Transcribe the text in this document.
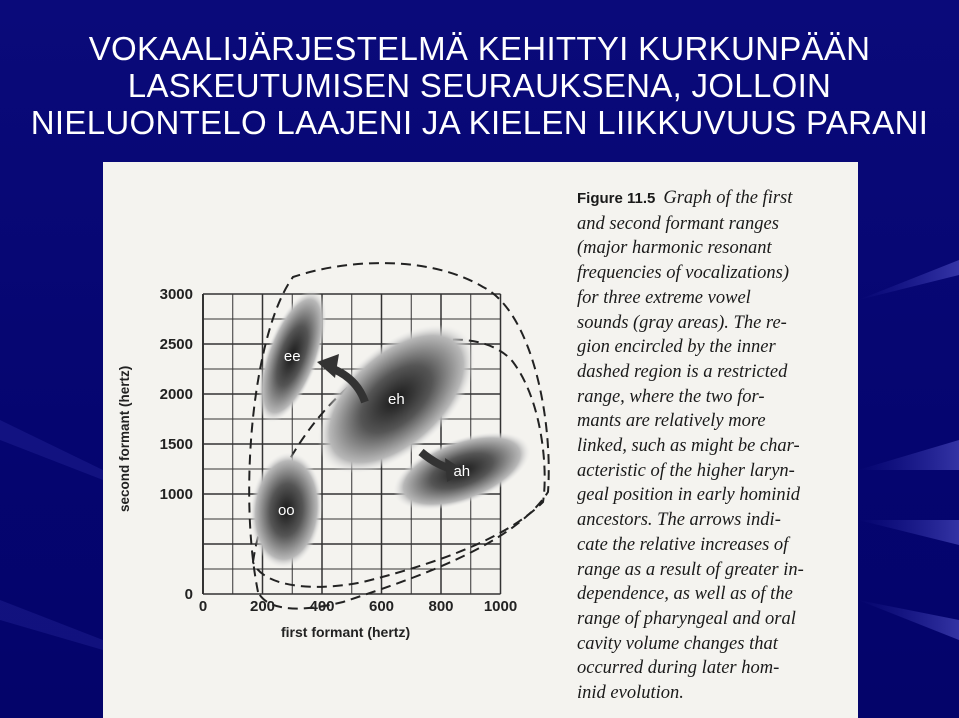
VOKAALIJÄRJESTELMÄ KEHITTYI KURKUNPÄÄN
LASKEUTUMISEN SEURAUKSENA, JOLLOIN
NIELUONTELO LAAJENI JA KIELEN LIIKKUVUUS PARANI
0	200 400 600 800 1000
3000
2500
2000
1500
1000
0
ee
eh
oo
ah
second formant (hertz)
first formant (hertz)
Figure 11.5 Graph of the first
and second formant ranges
(major harmonic resonant
frequencies of vocalizations)
for three extreme vowel
sounds (gray areas). The re-
gion encircled by the inner
dashed region is a restricted
range, where the two for-
mants are relatively more
linked, such as might be char-
acteristic of the higher laryn-
geal position in early hominid
ancestors. The arrows indi-
cate the relative increases of
range as a result of greater in-
dependence, as well as of the
range of pharyngeal and oral
cavity volume changes that
occurred during later hom-
inid evolution.
